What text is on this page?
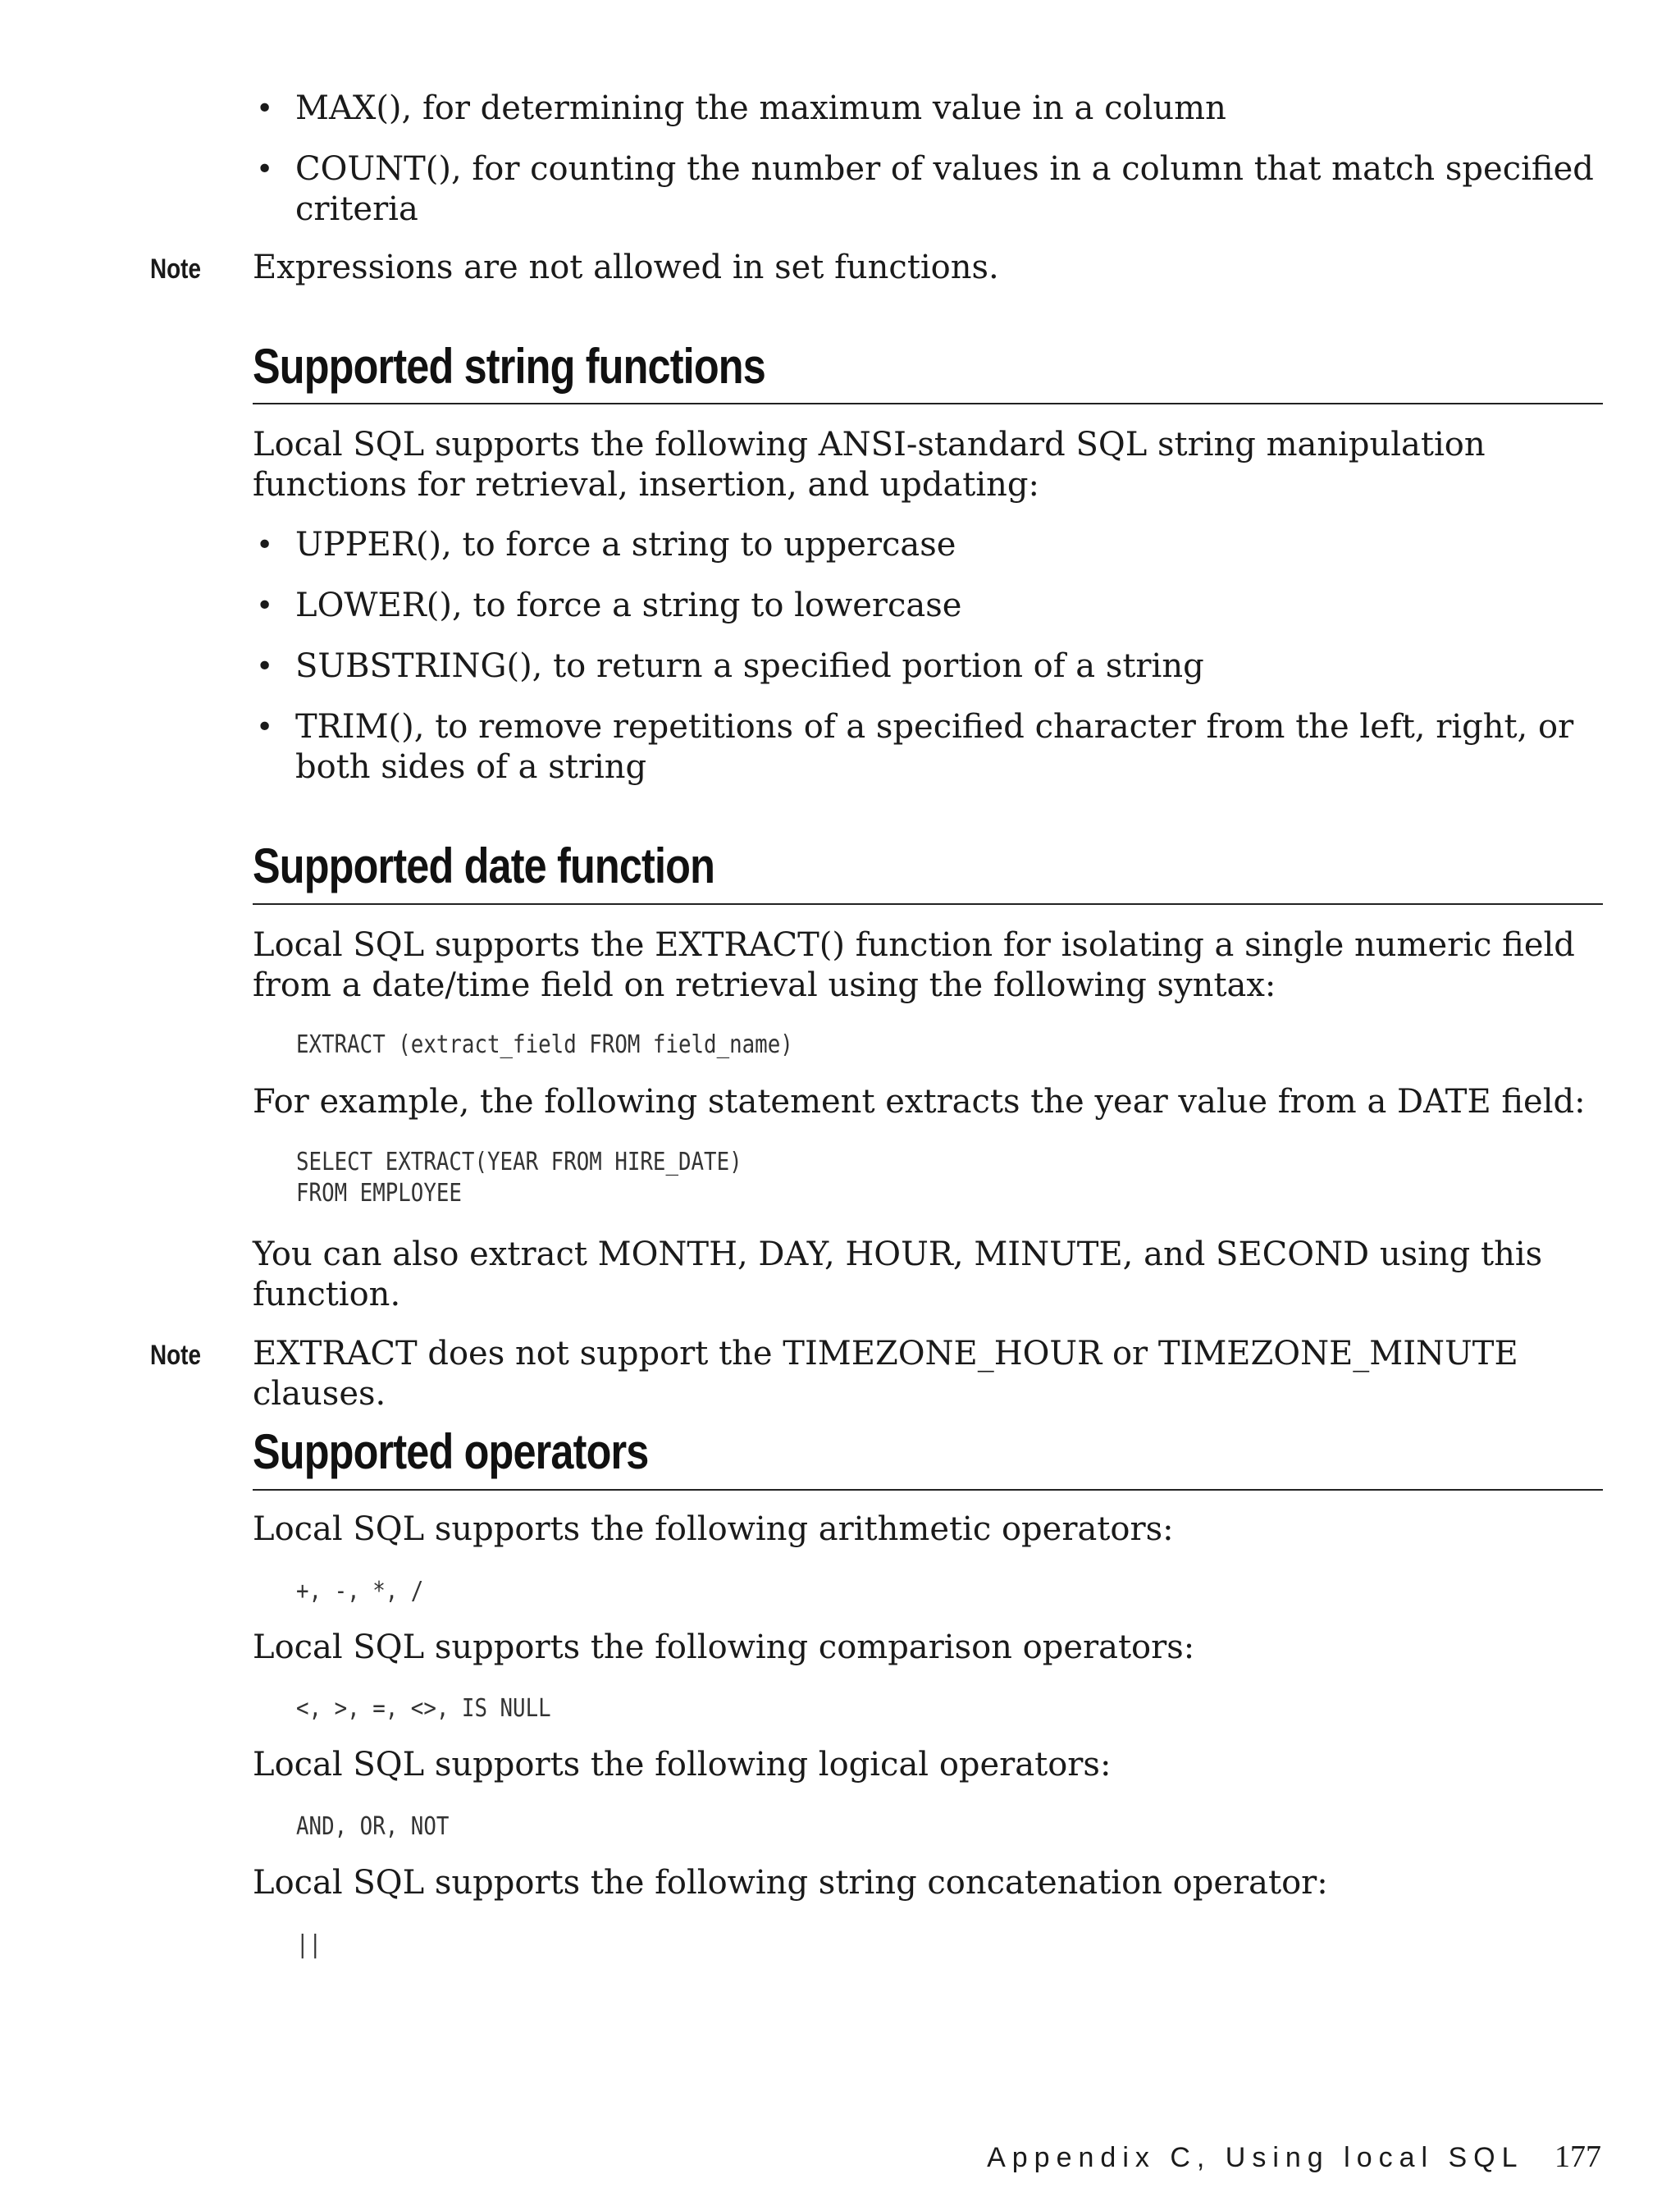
• MAX(), for determining the maximum value in a column
• COUNT(), for counting the number of values in a column that match specified criteria
Note Expressions are not allowed in set functions.
Supported string functions
Local SQL supports the following ANSI-standard SQL string manipulation functions for retrieval, insertion, and updating:
• UPPER(), to force a string to uppercase
• LOWER(), to force a string to lowercase
• SUBSTRING(), to return a specified portion of a string
• TRIM(), to remove repetitions of a specified character from the left, right, or both sides of a string
Supported date function
Local SQL supports the EXTRACT() function for isolating a single numeric field from a date/time field on retrieval using the following syntax:
EXTRACT (extract_field FROM field_name)
For example, the following statement extracts the year value from a DATE field:
SELECT EXTRACT(YEAR FROM HIRE_DATE)
FROM EMPLOYEE
You can also extract MONTH, DAY, HOUR, MINUTE, and SECOND using this function.
Note EXTRACT does not support the TIMEZONE_HOUR or TIMEZONE_MINUTE clauses.
Supported operators
Local SQL supports the following arithmetic operators:
+, -, *, /
Local SQL supports the following comparison operators:
<, >, =, <>, IS NULL
Local SQL supports the following logical operators:
AND, OR, NOT
Local SQL supports the following string concatenation operator:
||
Appendix C, Using local SQL 177
